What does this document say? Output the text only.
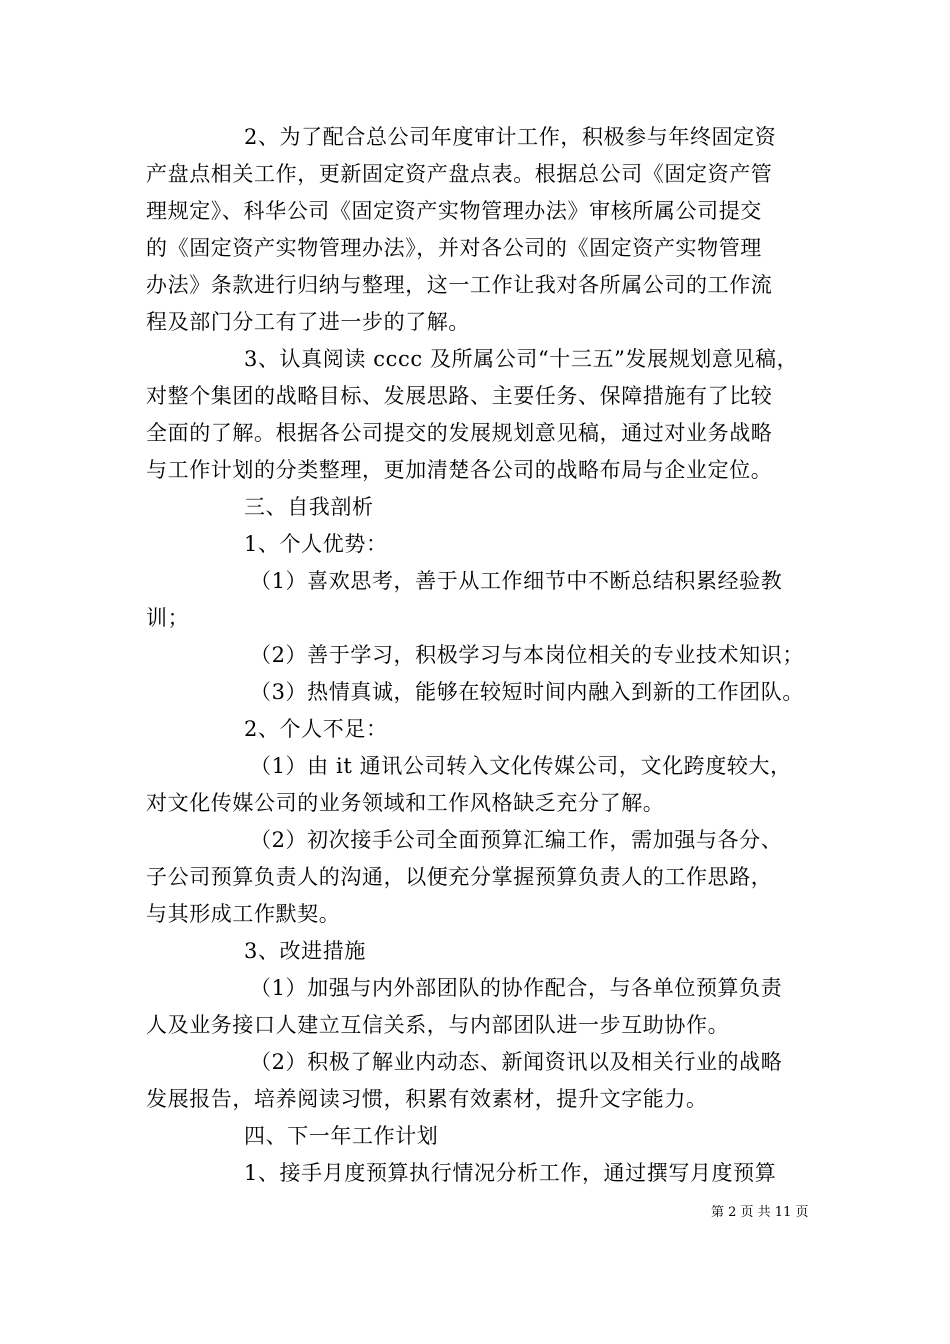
2、为了配合总公司年度审计工作，积极参与年终固定资
产盘点相关工作，更新固定资产盘点表。根据总公司《固定资产管
理规定》、科华公司《固定资产实物管理办法》审核所属公司提交
的《固定资产实物管理办法》，并对各公司的《固定资产实物管理
办法》条款进行归纳与整理，这一工作让我对各所属公司的工作流
程及部门分工有了进一步的了解。
3、认真阅读 cccc 及所属公司“十三五”发展规划意见稿，
对整个集团的战略目标、发展思路、主要任务、保障措施有了比较
全面的了解。根据各公司提交的发展规划意见稿，通过对业务战略
与工作计划的分类整理，更加清楚各公司的战略布局与企业定位。
三、自我剖析
1、个人优势：
（1）喜欢思考，善于从工作细节中不断总结积累经验教
训；
（2）善于学习，积极学习与本岗位相关的专业技术知识；
（3）热情真诚，能够在较短时间内融入到新的工作团队。
2、个人不足：
（1）由 it 通讯公司转入文化传媒公司，文化跨度较大，
对文化传媒公司的业务领域和工作风格缺乏充分了解。
（2）初次接手公司全面预算汇编工作，需加强与各分、
子公司预算负责人的沟通，以便充分掌握预算负责人的工作思路，
与其形成工作默契。
3、改进措施
（1）加强与内外部团队的协作配合，与各单位预算负责
人及业务接口人建立互信关系，与内部团队进一步互助协作。
（2）积极了解业内动态、新闻资讯以及相关行业的战略
发展报告，培养阅读习惯，积累有效素材，提升文字能力。
四、下一年工作计划
1、接手月度预算执行情况分析工作，通过撰写月度预算
第 2 页 共 11 页
